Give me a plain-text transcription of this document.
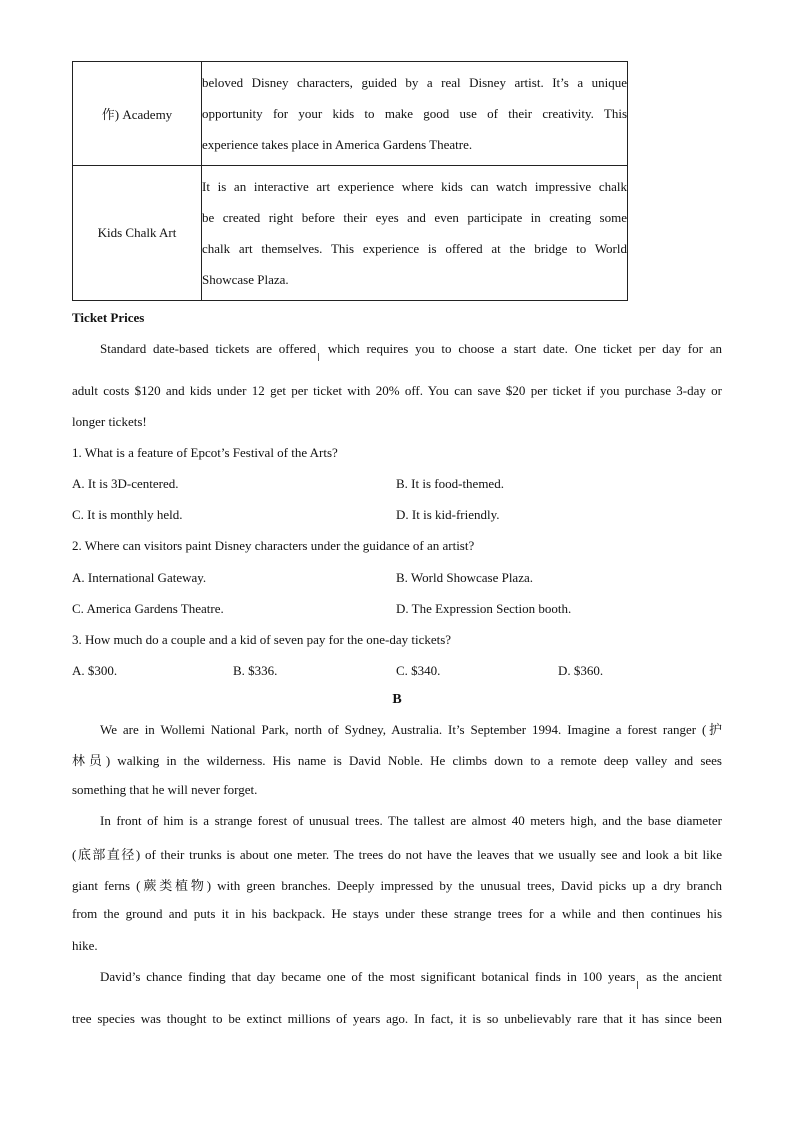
作) Academy	beloved Disney characters, guided by a real Disney artist. It’s a unique
opportunity for your kids to make good use of their creativity. This
experience takes place in America Gardens Theatre.

Kids Chalk Art	It is an interactive art experience where kids can watch impressive chalk
be created right before their eyes and even participate in creating some
chalk art themselves. This experience is offered at the bridge to World
Showcase Plaza.
Ticket Prices
Standard date-based tickets are offered which requires you to choose a start date. One ticket per day for an
adult costs $120 and kids under 12 get per ticket with 20% off. You can save $20 per ticket if you purchase 3-day or
longer tickets!
1. What is a feature of Epcot’s Festival of the Arts?
A. It is 3D-centered.	B. It is food-themed.
C. It is monthly held.	D. It is kid-friendly.
2. Where can visitors paint Disney characters under the guidance of an artist?
A. International Gateway.	B. World Showcase Plaza.
C. America Gardens Theatre.	D. The Expression Section booth.
3. How much do a couple and a kid of seven pay for the one-day tickets?
A. $300.	B. $336.	C. $340.	D. $360.
B
We are in Wollemi National Park, north of Sydney, Australia. It’s September 1994. Imagine a forest ranger (护
林员) walking in the wilderness. His name is David Noble. He climbs down to a remote deep valley and sees
something that he will never forget.
In front of him is a strange forest of unusual trees. The tallest are almost 40 meters high, and the base diameter
(底部直径) of their trunks is about one meter. The trees do not have the leaves that we usually see and look a bit like
giant ferns (蕨类植物) with green branches. Deeply impressed by the unusual trees, David picks up a dry branch
from the ground and puts it in his backpack. He stays under these strange trees for a while and then continues his
hike.
David’s chance finding that day became one of the most significant botanical finds in 100 years as the ancient
tree species was thought to be extinct millions of years ago. In fact, it is so unbelievably rare that it has since been
